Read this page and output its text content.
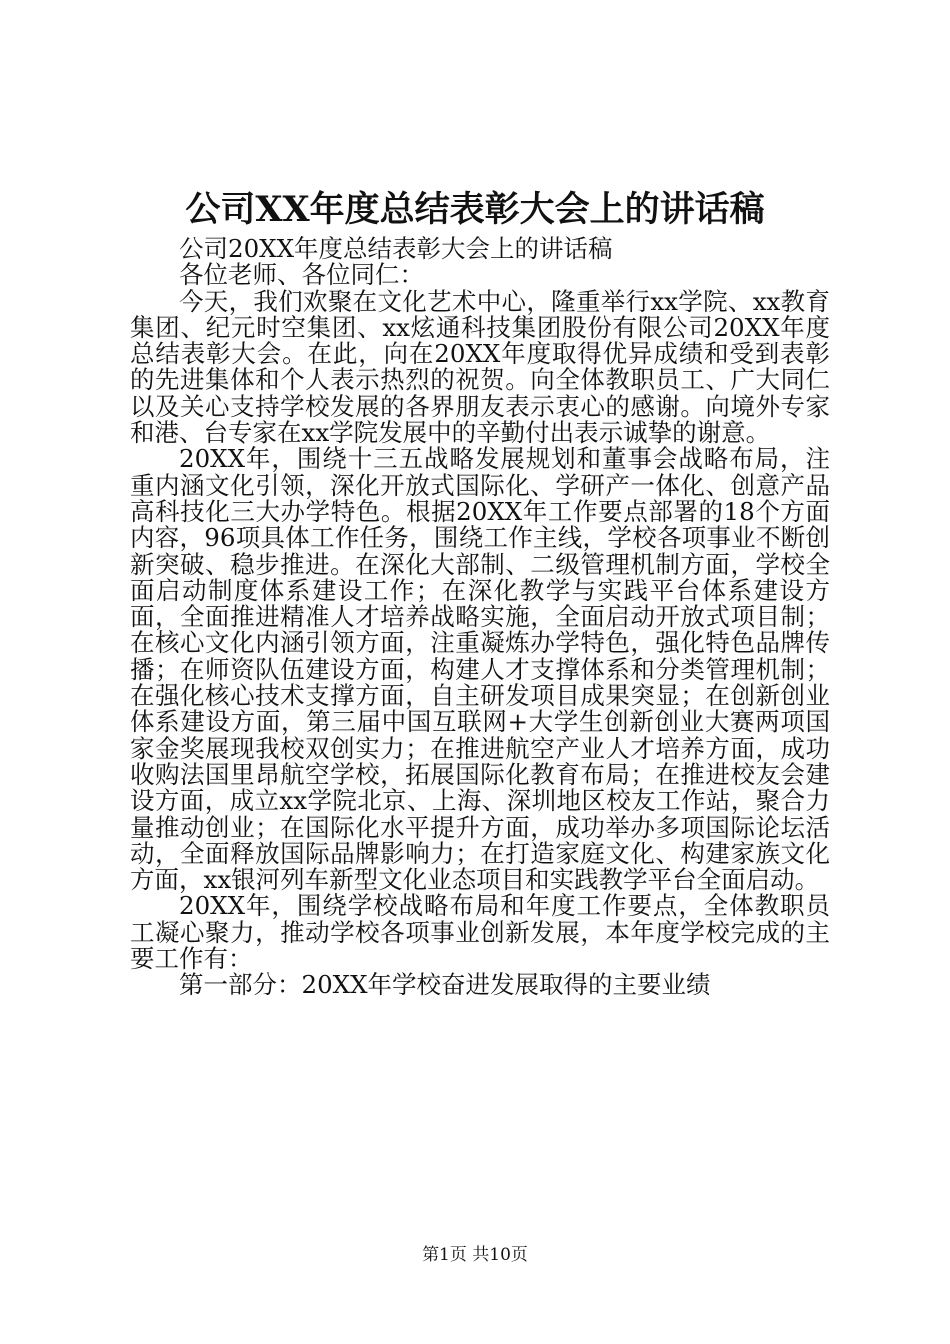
公司XX年度总结表彰大会上的讲话稿

公司20XX年度总结表彰大会上的讲话稿

各位老师、各位同仁：

今天，我们欢聚在文化艺术中心，隆重举行xx学院、xx教育集团、纪元时空集团、xx炫通科技集团股份有限公司20XX年度总结表彰大会。在此，向在20XX年度取得优异成绩和受到表彰的先进集体和个人表示热烈的祝贺。向全体教职员工、广大同仁以及关心支持学校发展的各界朋友表示衷心的感谢。向境外专家和港、台专家在xx学院发展中的辛勤付出表示诚挚的谢意。

20XX年，围绕十三五战略发展规划和董事会战略布局，注重内涵文化引领，深化开放式国际化、学研产一体化、创意产品高科技化三大办学特色。根据20XX年工作要点部署的18个方面内容，96项具体工作任务，围绕工作主线，学校各项事业不断创新突破、稳步推进。在深化大部制、二级管理机制方面，学校全面启动制度体系建设工作；在深化教学与实践平台体系建设方面，全面推进精准人才培养战略实施，全面启动开放式项目制；在核心文化内涵引领方面，注重凝炼办学特色，强化特色品牌传播；在师资队伍建设方面，构建人才支撑体系和分类管理机制；在强化核心技术支撑方面，自主研发项目成果突显；在创新创业体系建设方面，第三届中国互联网+大学生创新创业大赛两项国家金奖展现我校双创实力；在推进航空产业人才培养方面，成功收购法国里昂航空学校，拓展国际化教育布局；在推进校友会建设方面，成立xx学院北京、上海、深圳地区校友工作站，聚合力量推动创业；在国际化水平提升方面，成功举办多项国际论坛活动，全面释放国际品牌影响力；在打造家庭文化、构建家族文化方面，xx银河列车新型文化业态项目和实践教学平台全面启动。

20XX年，围绕学校战略布局和年度工作要点，全体教职员工凝心聚力，推动学校各项事业创新发展，本年度学校完成的主要工作有：

第一部分：20XX年学校奋进发展取得的主要业绩

第1页 共10页
